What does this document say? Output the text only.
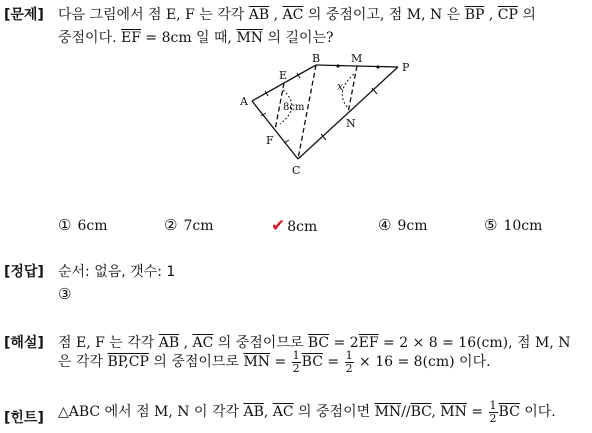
[문제] 다음 그림에서 점 E, F 는 각각 $\overline{AB}$ , $\overline{AC}$ 의 중점이고, 점 M, N 은 $\overline{BP}$ , $\overline{CP}$ 의
중점이다. $\overline{EF} = 8cm$ 일 때, $\overline{MN}$ 의 길이는?
A
B
C
E
F
M
N
P
8cm
x
① 6cm	② 7cm	✔ 8cm	④ 9cm	⑤ 10cm
[정답] 순서: 없음, 갯수: 1
③
[해설] 점 E, F 는 각각 $\overline{AB}$ , $\overline{AC}$ 의 중점이므로 $\overline{BC} = 2\overline{EF} = 2 \times 8 = 16(cm)$, 점 M, N
은 각각 BP,CP 의 중점이므로 $\overline{MN} = \frac{1}{2} \overline{BC} = \frac{1}{2} \times 16 = 8(cm)$ 이다.
[힌트] △ABC 에서 점 M, N 이 각각 $\overline{AB}$, $\overline{AC}$ 의 중점이면 $\overline{MN}//\overline{BC}$, $\overline{MN} = \frac{1}{2} \overline{BC}$ 이다.
